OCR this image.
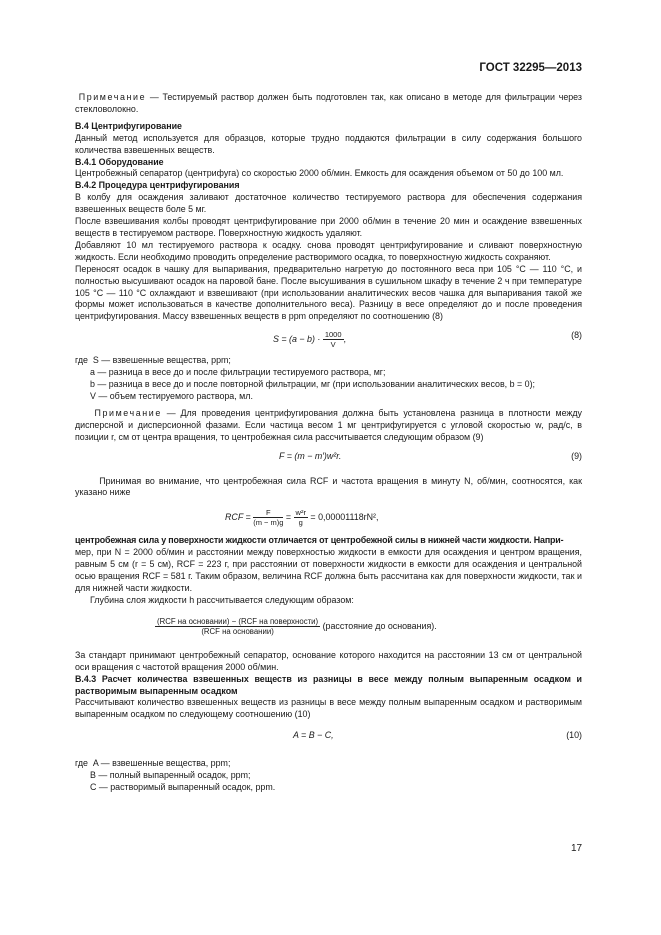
ГОСТ 32295—2013

Примечание — Тестируемый раствор должен быть подготовлен так, как описано в методе для фильтрации через стекловолокно.

В.4 Центрифугирование

Данный метод используется для образцов, которые трудно поддаются фильтрации в силу содержания большого количества взвешенных веществ.

В.4.1 Оборудование

Центробежный сепаратор (центрифуга) со скоростью 2000 об/мин. Емкость для осаждения объемом от 50 до 100 мл.

В.4.2 Процедура центрифугирования

В колбу для осаждения заливают достаточное количество тестируемого раствора для обеспечения содержания взвешенных веществ боле 5 мг.

После взвешивания колбы проводят центрифугирование при 2000 об/мин в течение 20 мин и осаждение взвешенных веществ в тестируемом растворе. Поверхностную жидкость удаляют.

Добавляют 10 мл тестируемого раствора к осадку. снова проводят центрифугирование и сливают поверхностную жидкость. Если необходимо проводить определение растворимого осадка, то поверхностную жидкость сохраняют.

Переносят осадок в чашку для выпаривания, предварительно нагретую до постоянного веса при 105 °С — 110 °С, и полностью высушивают осадок на паровой бане. После высушивания в сушильном шкафу в течение 2 ч при температуре 105 °С — 110 °С охлаждают и взвешивают (при использовании аналитических весов чашка для выпаривания такой же формы может использоваться в качестве дополнительного веса). Разницу в весе определяют до и после проведения центрифугирования. Массу взвешенных веществ в ppm определяют по соотношению (8)

$S = (a - b) \cdot \frac{1000}{V}$ ,	(8)

где S — взвешенные вещества, ppm;

a — разница в весе до и после фильтрации тестируемого раствора, мг;

b — разница в весе до и после повторной фильтрации, мг (при использовании аналитических весов, b = 0);

V — объем тестируемого раствора, мл.

Примечание — Для проведения центрифугирования должна быть установлена разница в плотности между дисперсной и дисперсионной фазами. Если частица весом 1 мг центрифугируется с угловой скоростью w, рад/с, в позиции r, см от центра вращения, то центробежная сила рассчитывается следующим образом (9)

F = (m − m′)w²r.	(9)

Принимая во внимание, что центробежная сила RCF и частота вращения в минуту N, об/мин, соотносятся, как указано ниже

RCF = $\frac{F}{(m - m)g} = \frac{\text{w²r}}{g} = 0,00001118rN^2$,

центробежная сила у поверхности жидкости отличается от центробежной силы в нижней части жидкости. Напри-

мер, при N = 2000 об/мин и расстоянии между поверхностью жидкости в емкости для осаждения и центром вращения, равным 5 см (r = 5 см), RCF = 223 г, при расстоянии от поверхности жидкости в емкости для осаждения и центральной осью вращения RCF = 581 г. Таким образом, величина RCF должна быть рассчитана как для поверхности жидкости, так и для нижней части жидкости.

Глубина слоя жидкости h рассчитывается следующим образом:

$\frac{\text{(RCF на основании) − (RCF на поверхности)}}{\text{(RCF на основании)}}$ (расстояние до основания).

За стандарт принимают центробежный сепаратор, основание которого находится на расстоянии 13 см от центральной оси вращения с частотой вращения 2000 об/мин.

В.4.3 Расчет количества взвешенных веществ из разницы в весе между полным выпаренным осадком и растворимым выпаренным осадком

Рассчитывают количество взвешенных веществ из разницы в весе между полным выпаренным осадком и растворимым выпаренным осадком по следующему соотношению (10)

A = B − C,	(10)

где A — взвешенные вещества, ppm;

B — полный выпаренный осадок, ppm;

C — растворимый выпаренный осадок, ppm.

17
